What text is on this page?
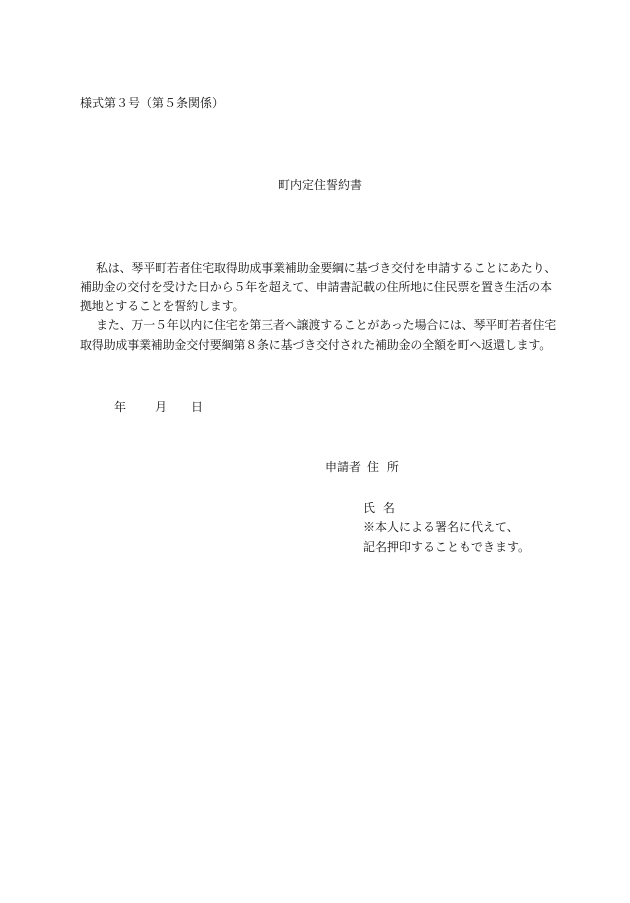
様式第３号（第５条関係）
町内定住誓約書
私は、琴平町若者住宅取得助成事業補助金要綱に基づき交付を申請することにあたり、
補助金の交付を受けた日から５年を超えて、申請書記載の住所地に住民票を置き生活の本
拠地とすることを誓約します。
また、万一５年以内に住宅を第三者へ譲渡することがあった場合には、琴平町若者住宅
取得助成事業補助金交付要綱第８条に基づき交付された補助金の全額を町へ返還します。
年 月 日
申請者 住 所
氏 名
※本人による署名に代えて、
記名押印することもできます。
